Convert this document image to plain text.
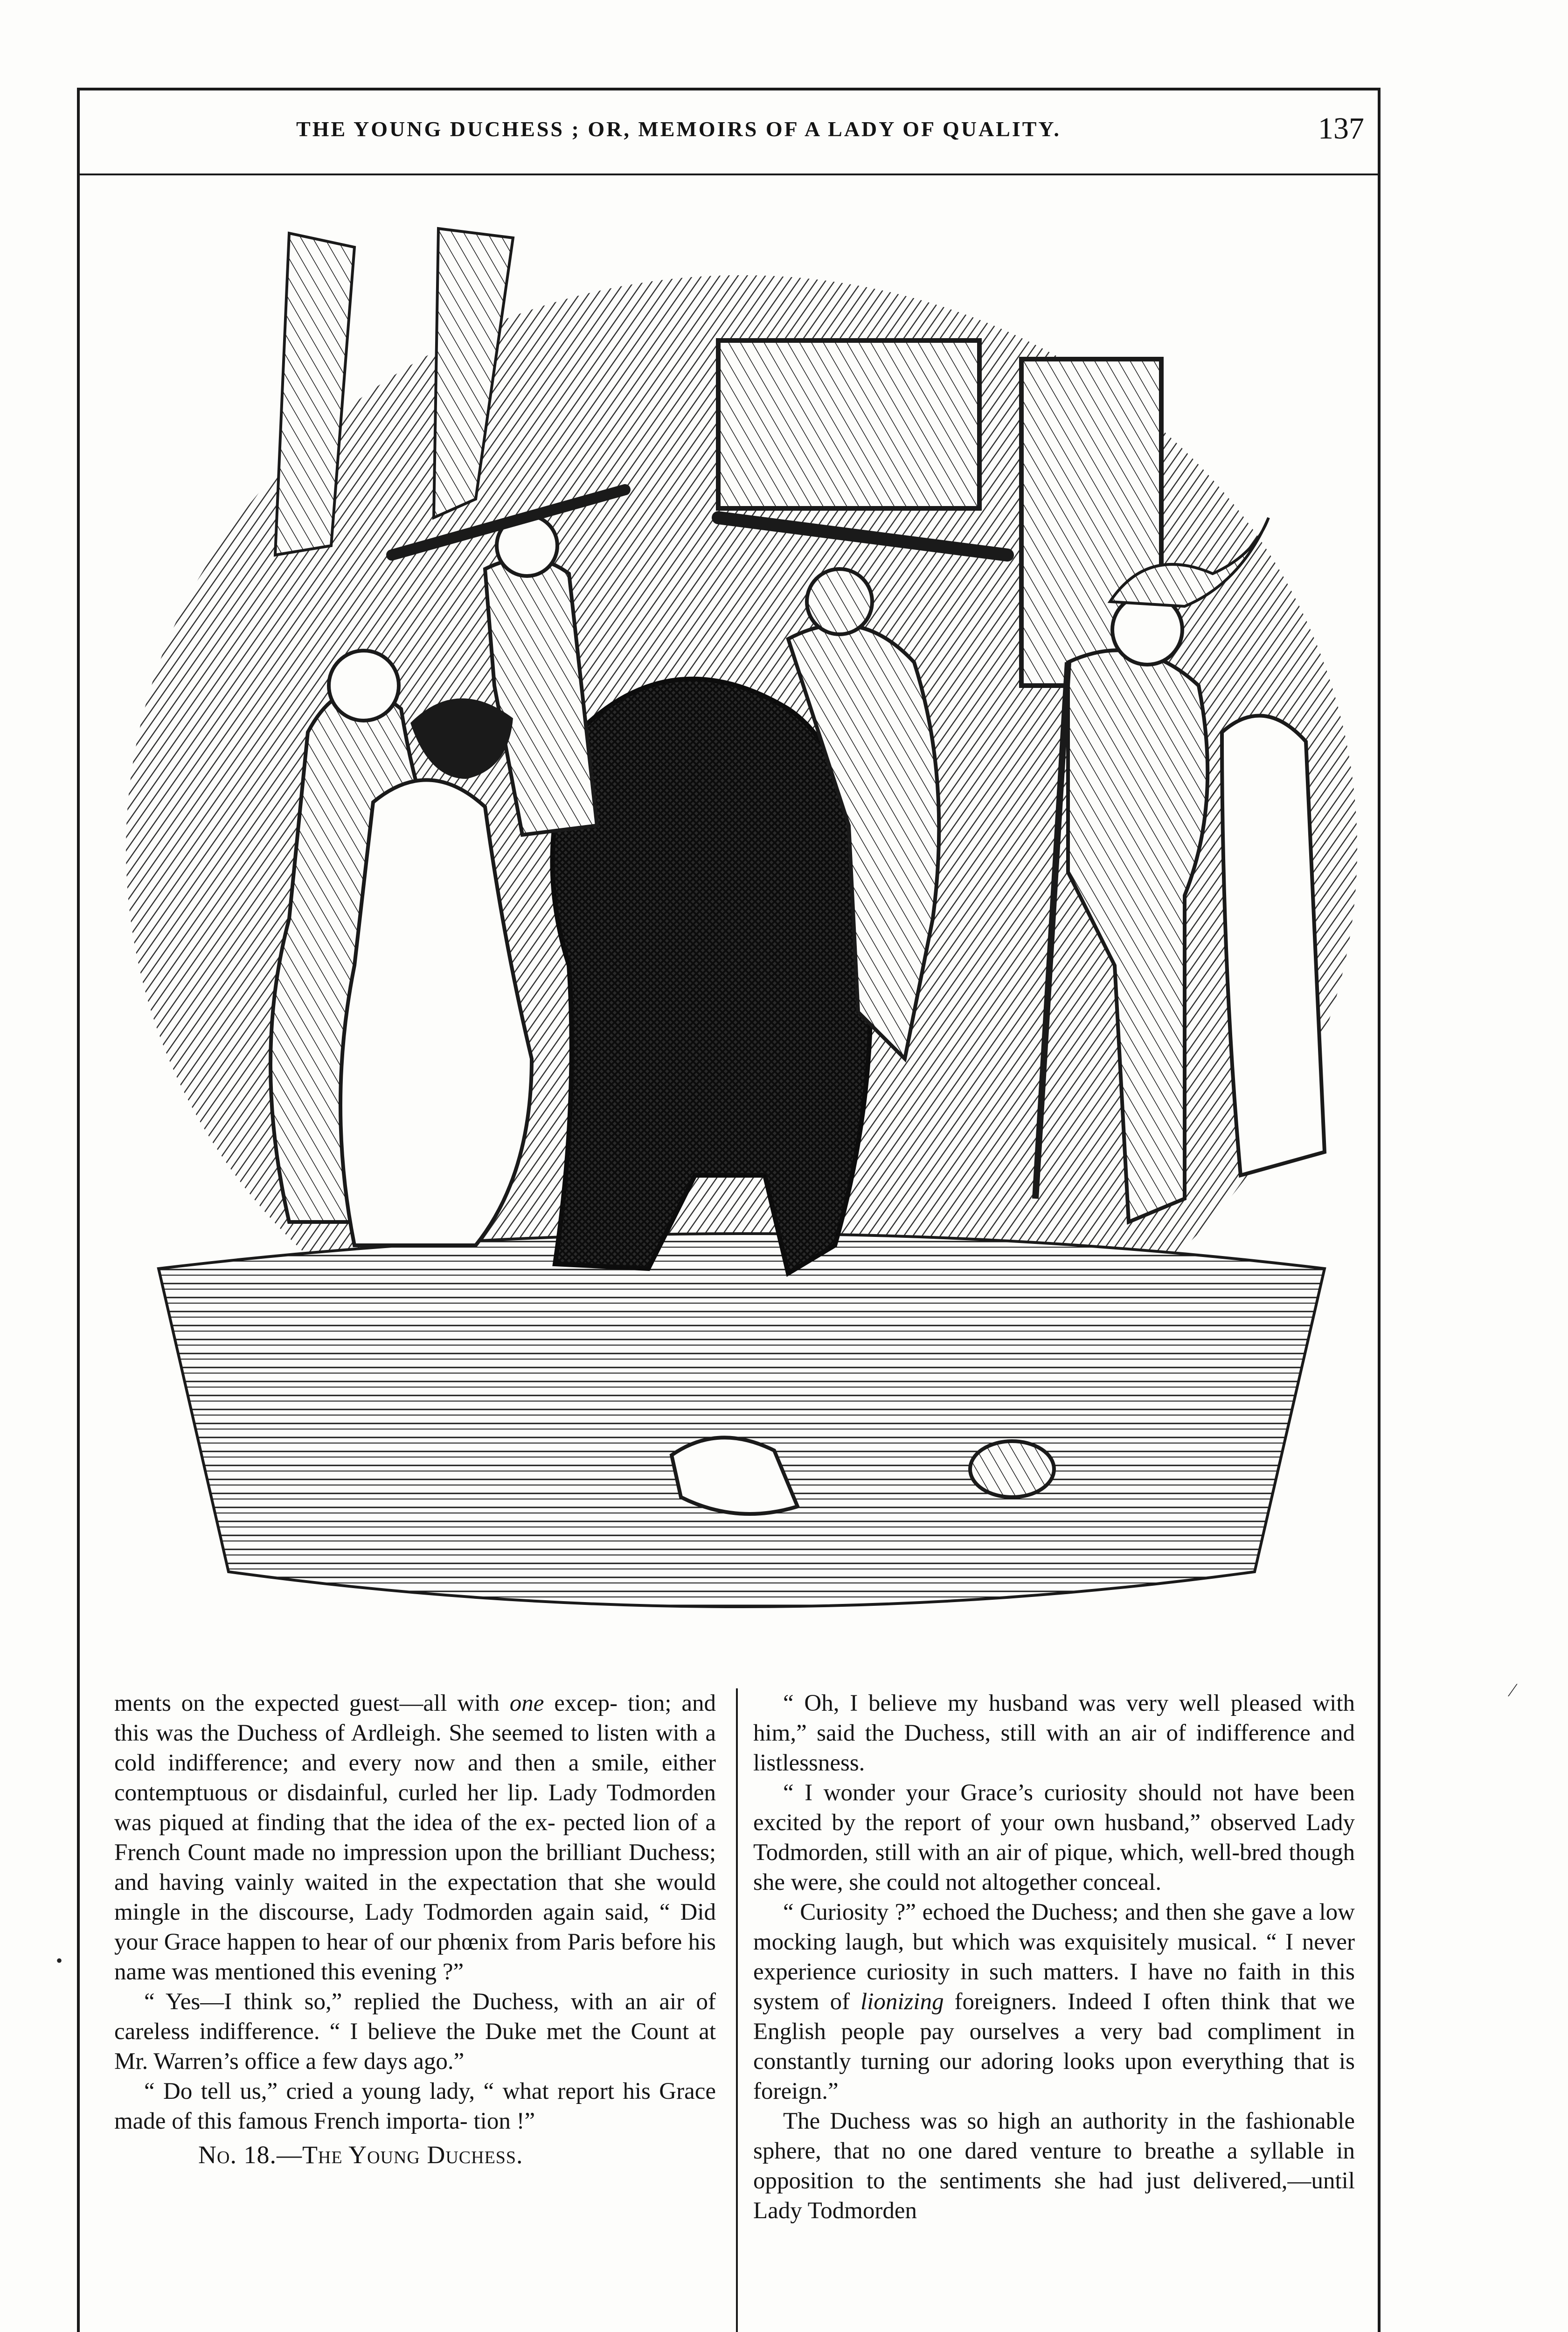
THE YOUNG DUCHESS ; OR, MEMOIRS OF A LADY OF QUALITY.	137

ments on the expected guest—all with one excep- tion; and this was the Duchess of Ardleigh. She seemed to listen with a cold indifference; and every now and then a smile, either contemptuous or disdainful, curled her lip. Lady Todmorden was piqued at finding that the idea of the ex- pected lion of a French Count made no impression upon the brilliant Duchess; and having vainly waited in the expectation that she would mingle in the discourse, Lady Todmorden again said, “ Did your Grace happen to hear of our phœnix from Paris before his name was mentioned this evening ?”

“ Yes—I think so,” replied the Duchess, with an air of careless indifference. “ I believe the Duke met the Count at Mr. Warren’s office a few days ago.”

“ Do tell us,” cried a young lady, “ what report his Grace made of this famous French importa- tion !”

No. 18.—The Young Duchess.

“ Oh, I believe my husband was very well pleased with him,” said the Duchess, still with an air of indifference and listlessness.

“ I wonder your Grace’s curiosity should not have been excited by the report of your own husband,” observed Lady Todmorden, still with an air of pique, which, well-bred though she were, she could not altogether conceal.

“ Curiosity ?” echoed the Duchess; and then she gave a low mocking laugh, but which was exquisitely musical. “ I never experience curiosity in such matters. I have no faith in this system of lionizing foreigners. Indeed I often think that we English people pay ourselves a very bad compliment in constantly turning our adoring looks upon everything that is foreign.”

The Duchess was so high an authority in the fashionable sphere, that no one dared venture to breathe a syllable in opposition to the sentiments she had just delivered,—until Lady Todmorden

•
⁄
